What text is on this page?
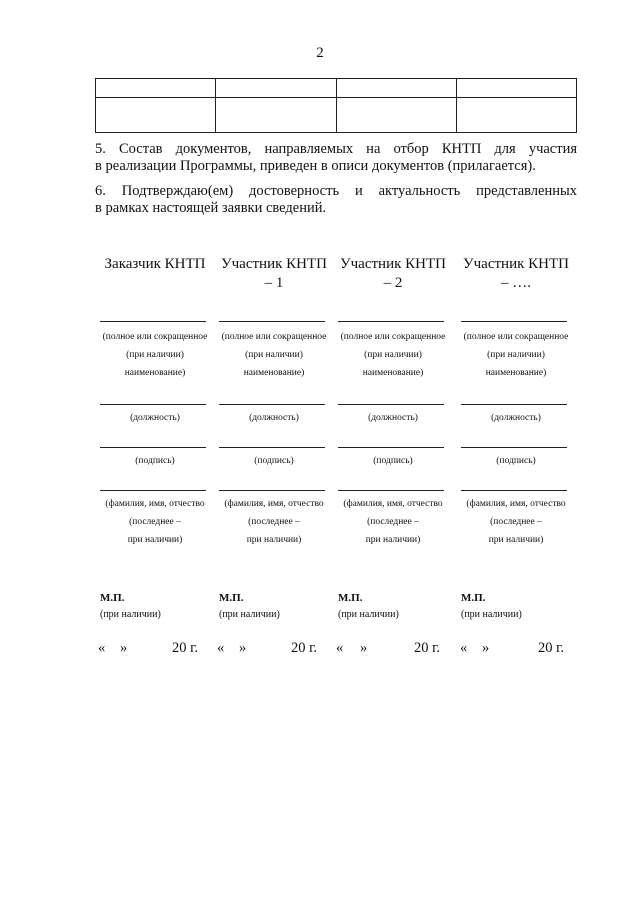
2

5. Состав документов, направляемых на отбор КНТП для участия
в реализации Программы, приведен в описи документов (прилагается).
6. Подтверждаю(ем) достоверность и актуальность представленных
в рамках настоящей заявки сведений.
Заказчик КНТП
(полное или сокращенное
(при наличии)
наименование)
(должность)
(подпись)
(фамилия, имя, отчество
(последнее –
при наличии)
Участник КНТП
– 1
(полное или сокращенное
(при наличии)
наименование)
(должность)
(подпись)
(фамилия, имя, отчество
(последнее –
при наличии)
Участник КНТП
– 2
(полное или сокращенное
(при наличии)
наименование)
(должность)
(подпись)
(фамилия, имя, отчество
(последнее –
при наличии)
Участник КНТП
– ….
(полное или сокращенное
(при наличии)
наименование)
(должность)
(подпись)
(фамилия, имя, отчество
(последнее –
при наличии)
М.П.
(при наличии)
М.П.
(при наличии)
М.П.
(при наличии)
М.П.
(при наличии)
« »	20 г. « »	20 г. « »	20 г. « »	20 г.
